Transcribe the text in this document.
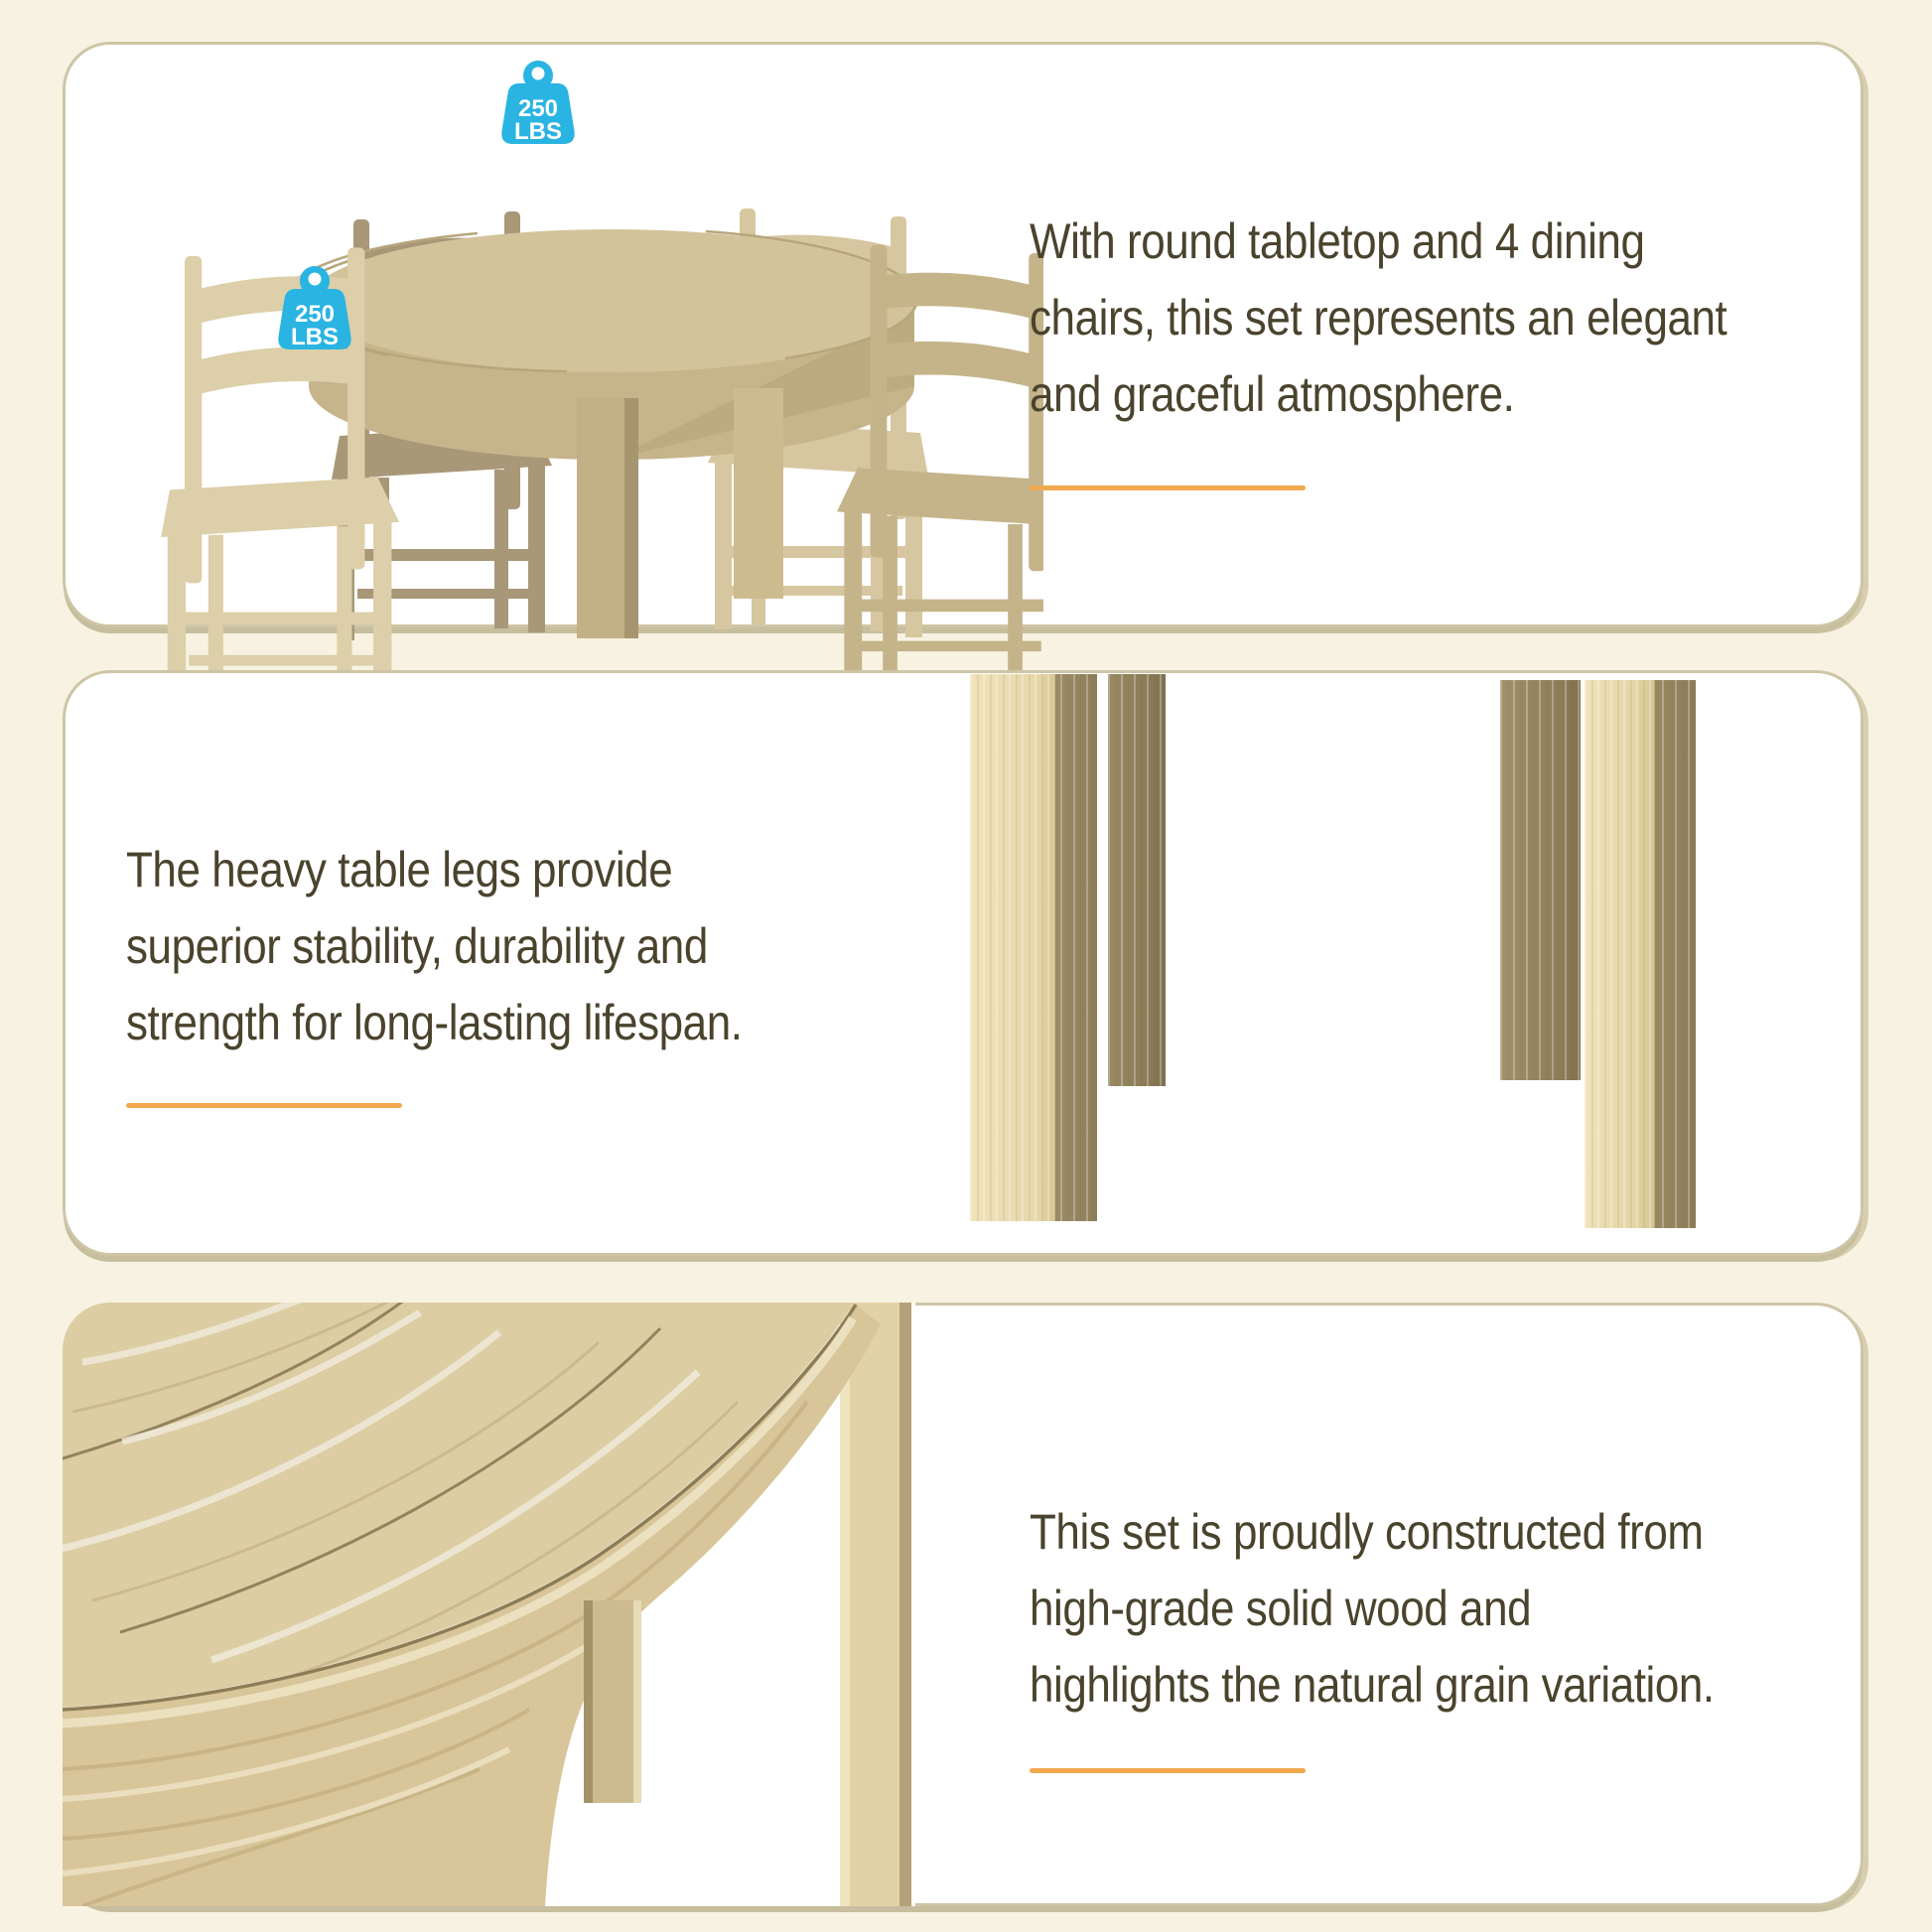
250
LBS
250
LBS
With round tabletop and 4 dining
chairs, this set represents an elegant
and graceful atmosphere.
The heavy table legs provide
superior stability, durability and
strength for long-lasting lifespan.
This set is proudly constructed from
high-grade solid wood and
highlights the natural grain variation.
